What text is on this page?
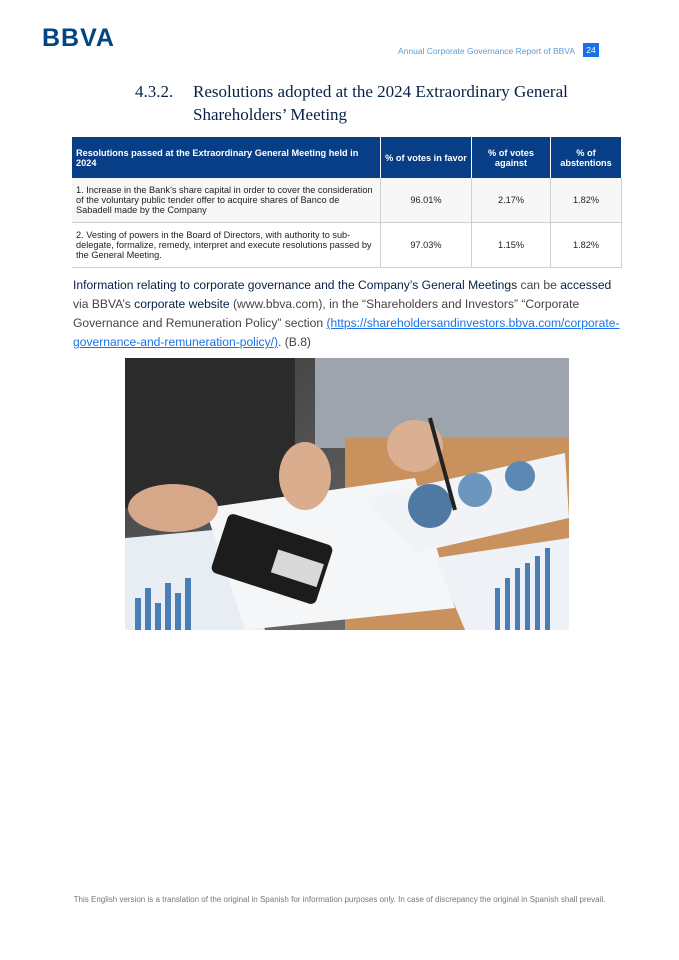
BBVA	Annual Corporate Governance Report of BBVA	24
4.3.2.	Resolutions adopted at the 2024 Extraordinary General Shareholders’ Meeting
Resolutions passed at the Extraordinary General Meeting held in 2024	% of votes in favor	% of votes against	% of abstentions
1. Increase in the Bank’s share capital in order to cover the consideration of the voluntary public tender offer to acquire shares of Banco de Sabadell made by the Company	96.01%	2.17%	1.82%
2. Vesting of powers in the Board of Directors, with authority to sub-delegate, formalize, remedy, interpret and execute resolutions passed by the General Meeting.	97.03%	1.15%	1.82%
Information relating to corporate governance and the Company’s General Meetings can be accessed via BBVA’s corporate website (www.bbva.com), in the “Shareholders and Investors” “Corporate Governance and Remuneration Policy” section (https://shareholdersandinvestors.bbva.com/corporate-governance-and-remuneration-policy/). (B.8)
This English version is a translation of the original in Spanish for information purposes only. In case of discrepancy the original in Spanish shall prevail.
